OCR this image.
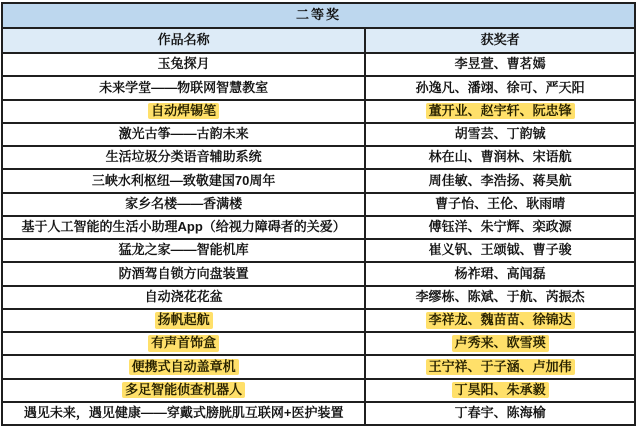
二等奖	
作品名称	获奖者
玉兔探月	李昱萱、曹茗嫣
未来学堂——物联网智慧教室	孙逸凡、潘翊、徐可、严天阳
自动焊锡笔	董开业、赵宇轩、阮忠锋
激光古筝——古韵未来	胡雪芸、丁韵铖
生活垃圾分类语音辅助系统	林在山、曹润林、宋语航
三峡水利枢纽—致敬建国70周年	周佳敏、李浩扬、蒋昊航
家乡名楼——香满楼	曹子怡、王伦、耿雨晴
基于人工智能的生活小助理App（给视力障碍者的关爱）	傅钰洋、朱宁辉、栾政源
猛龙之家——智能机库	崔义钒、王颂钺、曹子骏
防酒驾自锁方向盘装置	杨祚珺、高闻磊
自动浇花花盆	李缪栋、陈斌、于航、芮振杰
扬帆起航	李祥龙、魏苗苗、徐锦达
有声首饰盒	卢秀来、欧雪瑛
便携式自动盖章机	王宁祥、于子涵、卢加伟
多足智能侦查机器人	丁昊阳、朱承毅
遇见未来，遇见健康——穿戴式膀胱肌互联网+医护装置	丁春宇、陈海榆
